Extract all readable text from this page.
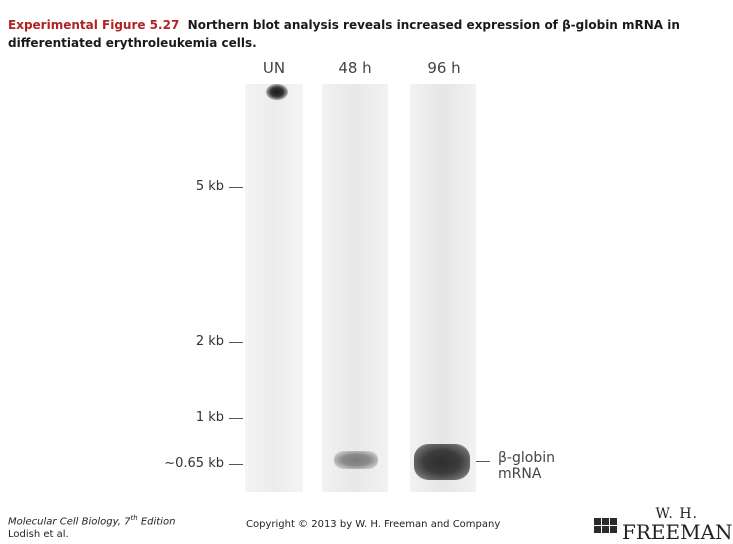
Experimental Figure 5.27 Northern blot analysis reveals increased expression of β-globin mRNA in differentiated erythroleukemia cells.
UN	48 h	96 h
5 kb
2 kb
1 kb
~0.65 kb	β-globin
mRNA
Molecular Cell Biology, 7th Edition
Lodish et al.
Copyright © 2013 by W. H. Freeman and Company
W. H.
FREEMAN
